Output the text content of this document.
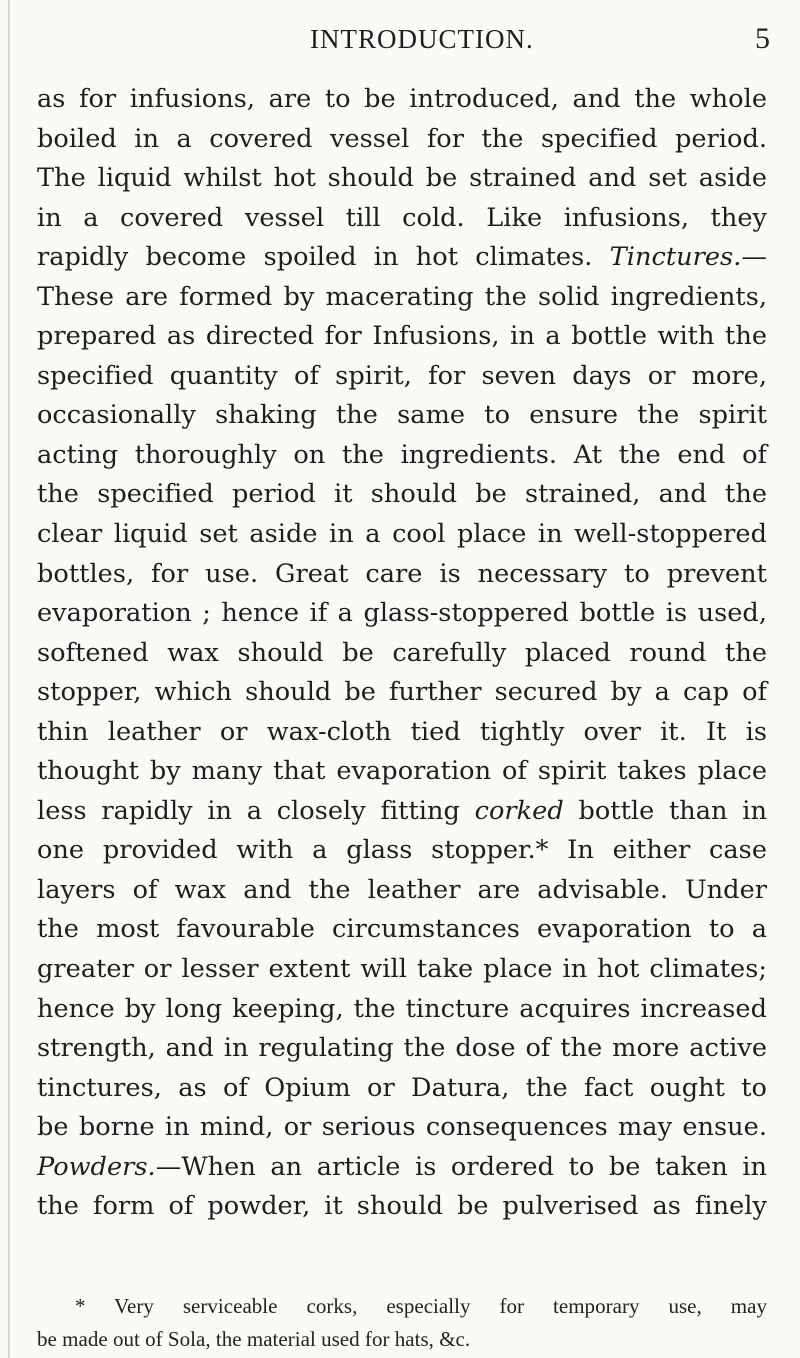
INTRODUCTION.	5
as for infusions, are to be introduced, and the whole
boiled in a covered vessel for the specified period.
The liquid whilst hot should be strained and set aside
in a covered vessel till cold. Like infusions, they
rapidly become spoiled in hot climates. Tinctures.—
These are formed by macerating the solid ingredients,
prepared as directed for Infusions, in a bottle with the
specified quantity of spirit, for seven days or more,
occasionally shaking the same to ensure the spirit
acting thoroughly on the ingredients. At the end of
the specified period it should be strained, and the
clear liquid set aside in a cool place in well-stoppered
bottles, for use. Great care is necessary to prevent
evaporation ; hence if a glass-stoppered bottle is used,
softened wax should be carefully placed round the
stopper, which should be further secured by a cap of
thin leather or wax-cloth tied tightly over it. It is
thought by many that evaporation of spirit takes place
less rapidly in a closely fitting corked bottle than in
one provided with a glass stopper.* In either case
layers of wax and the leather are advisable. Under
the most favourable circumstances evaporation to a
greater or lesser extent will take place in hot climates;
hence by long keeping, the tincture acquires increased
strength, and in regulating the dose of the more active
tinctures, as of Opium or Datura, the fact ought to
be borne in mind, or serious consequences may ensue.
Powders.—When an article is ordered to be taken in
the form of powder, it should be pulverised as finely
* Very serviceable corks, especially for temporary use, may
be made out of Sola, the material used for hats, &c.
